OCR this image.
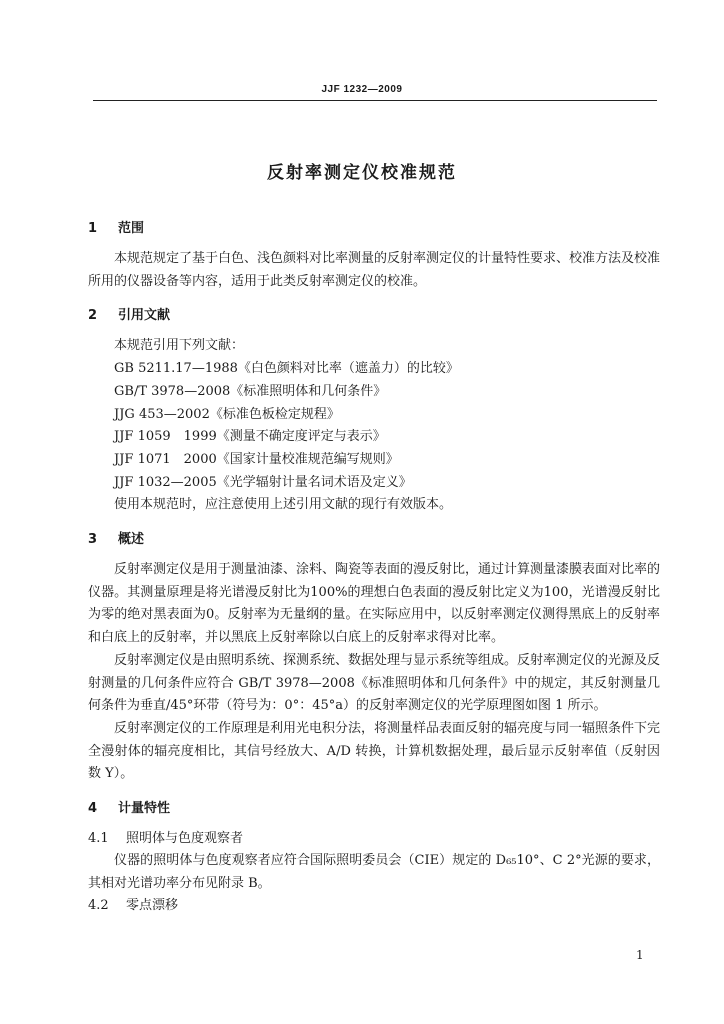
JJF 1232—2009
反射率测定仪校准规范
1 范围

本规范规定了基于白色、浅色颜料对比率测量的反射率测定仪的计量特性要求、校准方法及校准所用的仪器设备等内容，适用于此类反射率测定仪的校准。

2 引用文献

本规范引用下列文献：

GB 5211.17—1988《白色颜料对比率（遮盖力）的比较》

GB/T 3978—2008《标准照明体和几何条件》

JJG 453—2002《标准色板检定规程》

JJF 1059　1999《测量不确定度评定与表示》

JJF 1071　2000《国家计量校准规范编写规则》

JJF 1032—2005《光学辐射计量名词术语及定义》

使用本规范时，应注意使用上述引用文献的现行有效版本。

3 概述

反射率测定仪是用于测量油漆、涂料、陶瓷等表面的漫反射比，通过计算测量漆膜表面对比率的仪器。其测量原理是将光谱漫反射比为100%的理想白色表面的漫反射比定义为100，光谱漫反射比为零的绝对黑表面为0。反射率为无量纲的量。在实际应用中，以反射率测定仪测得黑底上的反射率和白底上的反射率，并以黑底上反射率除以白底上的反射率求得对比率。

反射率测定仪是由照明系统、探测系统、数据处理与显示系统等组成。反射率测定仪的光源及反射测量的几何条件应符合 GB/T 3978—2008《标准照明体和几何条件》中的规定，其反射测量几何条件为垂直/45°环带（符号为：0°：45°a）的反射率测定仪的光学原理图如图 1 所示。

反射率测定仪的工作原理是利用光电积分法，将测量样品表面反射的辐亮度与同一辐照条件下完全漫射体的辐亮度相比，其信号经放大、A/D 转换，计算机数据处理，最后显示反射率值（反射因数 Y）。

4 计量特性
4.1 照明体与色度观察者

仪器的照明体与色度观察者应符合国际照明委员会（CIE）规定的 D₆₅10°、C 2°光源的要求，其相对光谱功率分布见附录 B。

4.2 零点漂移
1
